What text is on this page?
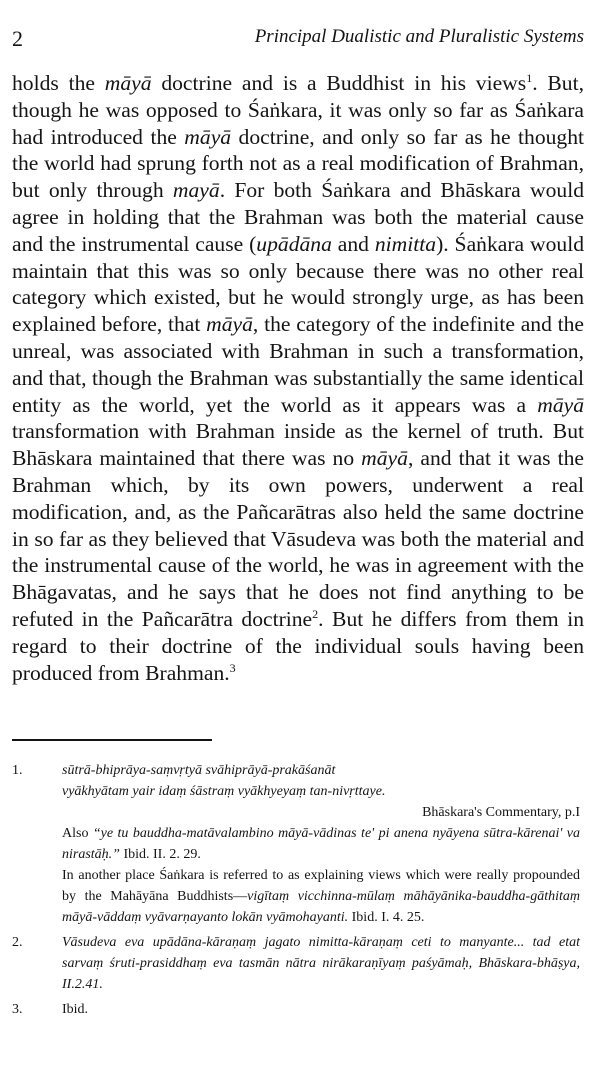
2	Principal Dualistic and Pluralistic Systems

holds the māyā doctrine and is a Buddhist in his views$^1$. But, though he was opposed to Śaṅkara, it was only so far as Śaṅkara had introduced the māyā doctrine, and only so far as he thought the world had sprung forth not as a real modification of Brahman, but only through mayā. For both Śaṅkara and Bhāskara would agree in holding that the Brahman was both the material cause and the instrumental cause (upādāna and nimitta). Śaṅkara would maintain that this was so only because there was no other real category which existed, but he would strongly urge, as has been explained before, that māyā, the category of the indefinite and the unreal, was associated with Brahman in such a transformation, and that, though the Brahman was substantially the same identical entity as the world, yet the world as it appears was a māyā transformation with Brahman inside as the kernel of truth. But Bhāskara maintained that there was no māyā, and that it was the Brahman which, by its own powers, underwent a real modification, and, as the Pañcarātras also held the same doctrine in so far as they believed that Vāsudeva was both the material and the instrumental cause of the world, he was in agreement with the Bhāgavatas, and he says that he does not find anything to be refuted in the Pañcarātra doctrine$^2$. But he differs from them in regard to their doctrine of the individual souls having been produced from Brahman.$^3$

1.	sūtrā-bhiprāya-saṃvṛtyā svāhiprāyā-prakāśanāt

vyākhyātam yair idaṃ śāstraṃ vyākhyeyaṃ tan-nivṛttaye.

Bhāskara's Commentary, p.I

Also “ye tu bauddha-matāvalambino māyā-vādinas te' pi anena nyāyena sūtra-kārenai' va nirastāḥ.” Ibid. II. 2. 29.

In another place Śaṅkara is referred to as explaining views which were really propounded by the Mahāyāna Buddhists—vigītaṃ vicchinna-mūlaṃ māhāyānika-bauddha-gāthitaṃ māyā-vāddaṃ vyāvarṇayanto lokān vyāmohayanti. Ibid. I. 4. 25.

2.	Vāsudeva eva upādāna-kāraṇaṃ jagato nimitta-kāraṇaṃ ceti to manyante... tad etat sarvaṃ śruti-prasiddhaṃ eva tasmān nātra nirākaraṇīyaṃ paśyāmaḥ, Bhāskara-bhāṣya, II.2.41.

3.	Ibid.
